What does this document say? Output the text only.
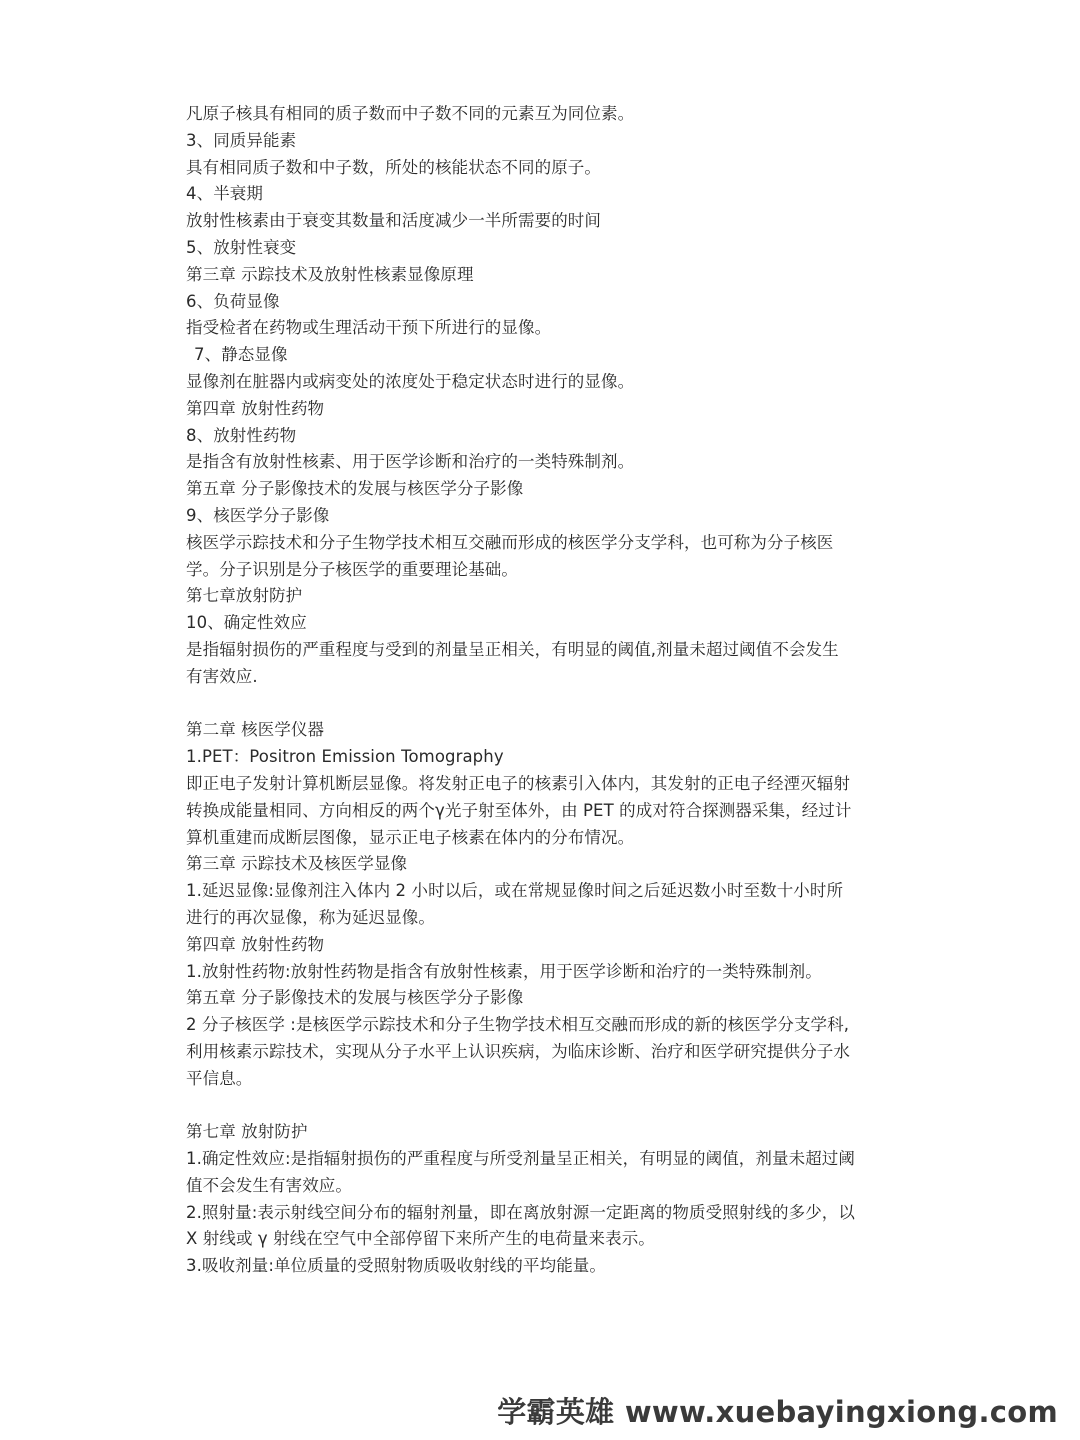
凡原子核具有相同的质子数而中子数不同的元素互为同位素。
3、同质异能素
具有相同质子数和中子数，所处的核能状态不同的原子。
4、半衰期
放射性核素由于衰变其数量和活度减少一半所需要的时间
5、放射性衰变
第三章 示踪技术及放射性核素显像原理
6、负荷显像
指受检者在药物或生理活动干预下所进行的显像。
7、静态显像
显像剂在脏器内或病变处的浓度处于稳定状态时进行的显像。
第四章 放射性药物
8、放射性药物
是指含有放射性核素、用于医学诊断和治疗的一类特殊制剂。
第五章 分子影像技术的发展与核医学分子影像
9、核医学分子影像
核医学示踪技术和分子生物学技术相互交融而形成的核医学分支学科，也可称为分子核医
学。分子识别是分子核医学的重要理论基础。
第七章放射防护
10、确定性效应
是指辐射损伤的严重程度与受到的剂量呈正相关，有明显的阈值,剂量未超过阈值不会发生
有害效应.
第二章 核医学仪器
1.PET：Positron Emission Tomography
即正电子发射计算机断层显像。将发射正电子的核素引入体内，其发射的正电子经湮灭辐射
转换成能量相同、方向相反的两个γ光子射至体外，由 PET 的成对符合探测器采集，经过计
算机重建而成断层图像，显示正电子核素在体内的分布情况。
第三章 示踪技术及核医学显像
1.延迟显像:显像剂注入体内 2 小时以后，或在常规显像时间之后延迟数小时至数十小时所
进行的再次显像，称为延迟显像。
第四章 放射性药物
1.放射性药物:放射性药物是指含有放射性核素，用于医学诊断和治疗的一类特殊制剂。
第五章 分子影像技术的发展与核医学分子影像
2 分子核医学 :是核医学示踪技术和分子生物学技术相互交融而形成的新的核医学分支学科,
利用核素示踪技术，实现从分子水平上认识疾病，为临床诊断、治疗和医学研究提供分子水
平信息。
第七章 放射防护
1.确定性效应:是指辐射损伤的严重程度与所受剂量呈正相关，有明显的阈值，剂量未超过阈
值不会发生有害效应。
2.照射量:表示射线空间分布的辐射剂量，即在离放射源一定距离的物质受照射线的多少，以
X 射线或 γ 射线在空气中全部停留下来所产生的电荷量来表示。
3.吸收剂量:单位质量的受照射物质吸收射线的平均能量。
学霸英雄 www.xuebayingxiong.com
